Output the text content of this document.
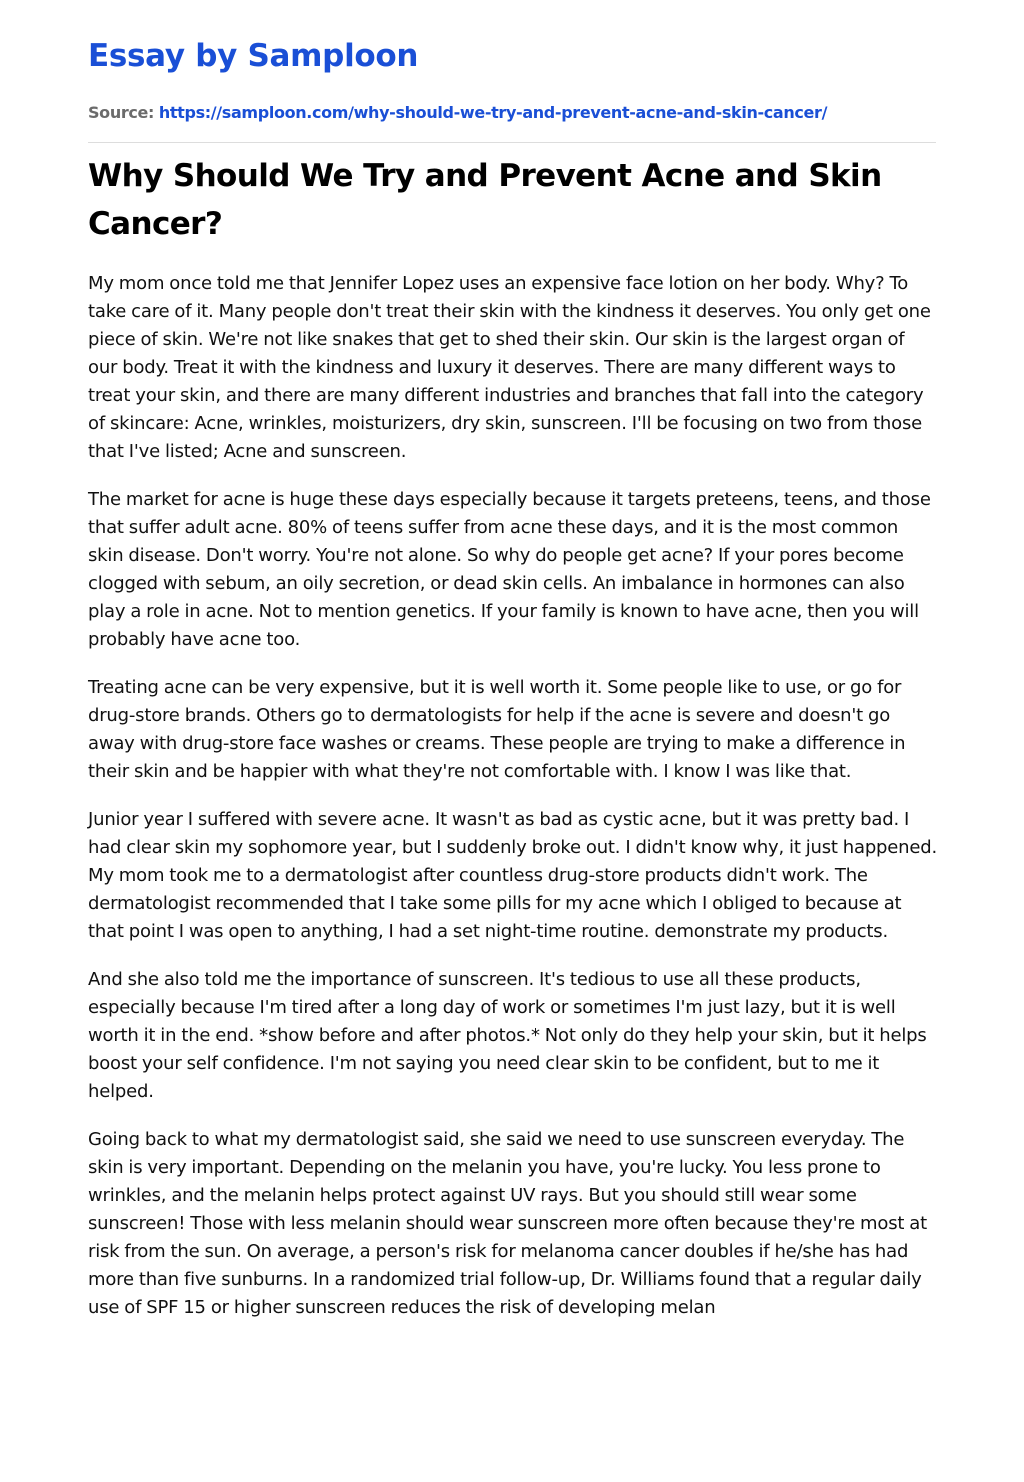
Essay by Samploon
Source: https://samploon.com/why-should-we-try-and-prevent-acne-and-skin-cancer/
Why Should We Try and Prevent Acne and Skin Cancer?

My mom once told me that Jennifer Lopez uses an expensive face lotion on her body. Why? To take care of it. Many people don't treat their skin with the kindness it deserves. You only get one piece of skin. We're not like snakes that get to shed their skin. Our skin is the largest organ of our body. Treat it with the kindness and luxury it deserves. There are many different ways to treat your skin, and there are many different industries and branches that fall into the category of skincare: Acne, wrinkles, moisturizers, dry skin, sunscreen. I'll be focusing on two from those that I've listed; Acne and sunscreen.

The market for acne is huge these days especially because it targets preteens, teens, and those that suffer adult acne. 80% of teens suffer from acne these days, and it is the most common skin disease. Don't worry. You're not alone. So why do people get acne? If your pores become clogged with sebum, an oily secretion, or dead skin cells. An imbalance in hormones can also play a role in acne. Not to mention genetics. If your family is known to have acne, then you will probably have acne too.

Treating acne can be very expensive, but it is well worth it. Some people like to use, or go for drug-store brands. Others go to dermatologists for help if the acne is severe and doesn't go away with drug-store face washes or creams. These people are trying to make a difference in their skin and be happier with what they're not comfortable with. I know I was like that.

Junior year I suffered with severe acne. It wasn't as bad as cystic acne, but it was pretty bad. I had clear skin my sophomore year, but I suddenly broke out. I didn't know why, it just happened. My mom took me to a dermatologist after countless drug-store products didn't work. The dermatologist recommended that I take some pills for my acne which I obliged to because at that point I was open to anything, I had a set night-time routine. demonstrate my products.

And she also told me the importance of sunscreen. It's tedious to use all these products, especially because I'm tired after a long day of work or sometimes I'm just lazy, but it is well worth it in the end. *show before and after photos.* Not only do they help your skin, but it helps boost your self confidence. I'm not saying you need clear skin to be confident, but to me it helped.

Going back to what my dermatologist said, she said we need to use sunscreen everyday. The skin is very important. Depending on the melanin you have, you're lucky. You less prone to wrinkles, and the melanin helps protect against UV rays. But you should still wear some sunscreen! Those with less melanin should wear sunscreen more often because they're most at risk from the sun. On average, a person's risk for melanoma cancer doubles if he/she has had more than five sunburns. In a randomized trial follow-up, Dr. Williams found that a regular daily use of SPF 15 or higher sunscreen reduces the risk of developing melan
